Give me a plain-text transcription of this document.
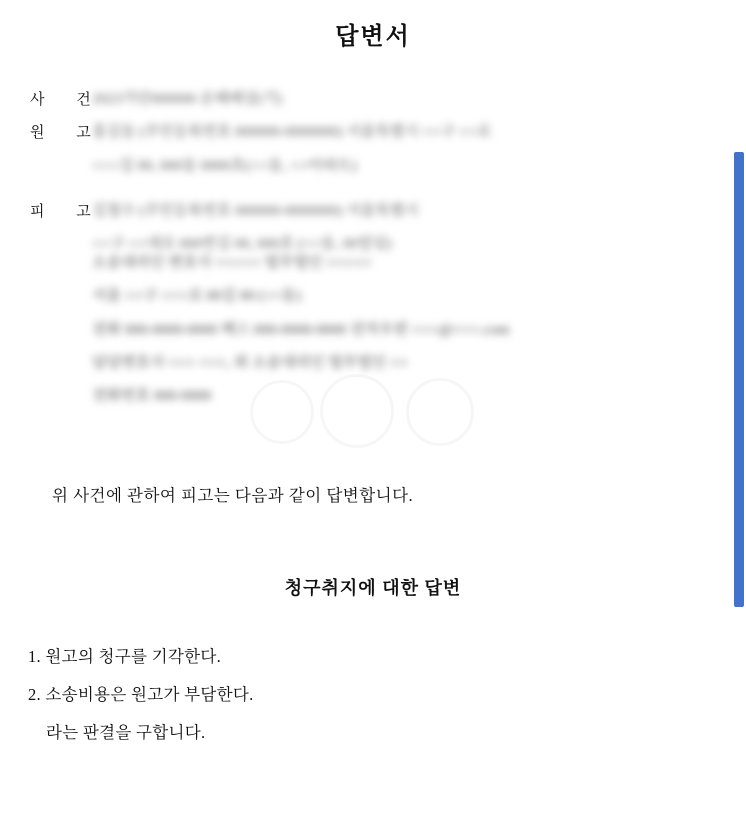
답변서
사 건
2023가단000000 손해배상(기)
원 고
홍길동 (주민등록번호 000000-0000000) 서울특별시 ○○구 ○○로
○○○길 00, 000동 0000호(○○동, ○○아파트)
피 고
김철수 (주민등록번호 000000-0000000) 서울특별시
○○구 ○○대로 000번길 00, 000호 (○○동, 00빌딩)
소송대리인 변호사 ○○○○○ 법무법인 ○○○○○
서울 ○○구 ○○○로 00길 00 (○○동)
전화 000-0000-0000 팩스 000-0000-0000 전자우편 ○○○@○○○.com
담당변호사 ○○○ ○○○, 위 소송대리인 법무법인 ○○
전화번호 000-0000
위 사건에 관하여 피고는 다음과 같이 답변합니다.
청구취지에 대한 답변
1. 원고의 청구를 기각한다.
2. 소송비용은 원고가 부담한다.
라는 판결을 구합니다.
